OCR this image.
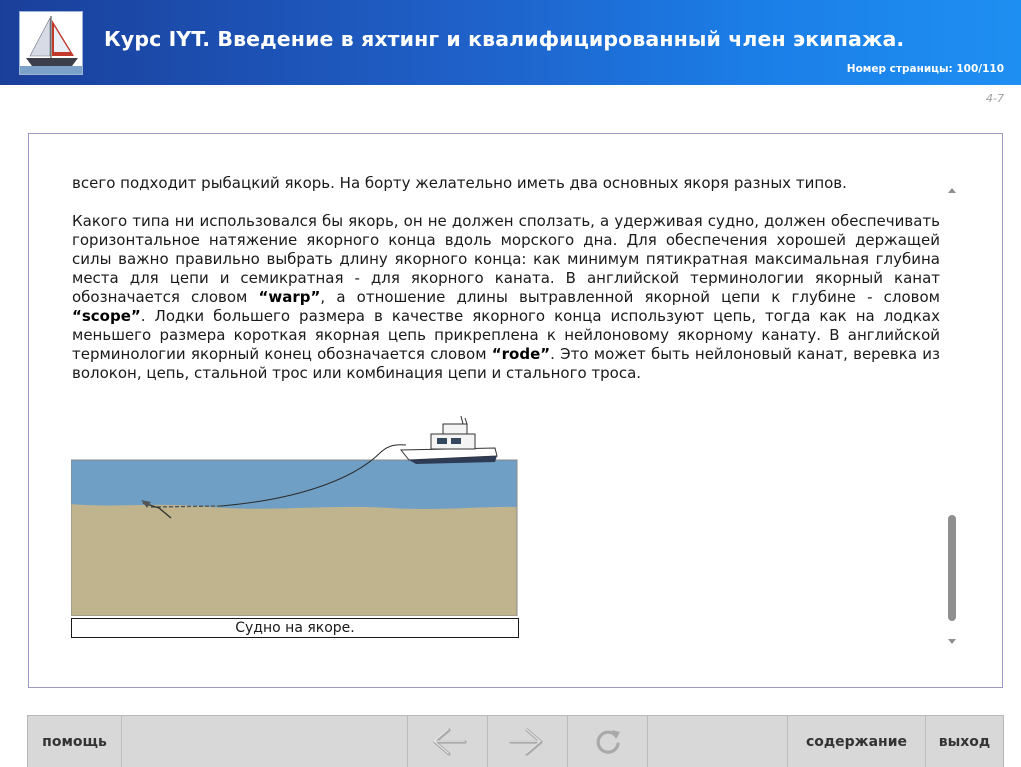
Курс IYT. Введение в яхтинг и квалифицированный член экипажа.
Номер страницы: 100/110
4-7

всего подходит рыбацкий якорь. На борту желательно иметь два основных якоря разных типов.

Какого типа ни использовался бы якорь, он не должен сползать, а удерживая судно, должен обеспечивать горизонтальное натяжение якорного конца вдоль морского дна. Для обеспечения хорошей держащей силы важно правильно выбрать длину якорного конца: как минимум пятикратная максимальная глубина места для цепи и семикратная - для якорного каната. В английской терминологии якорный канат обозначается словом “warp”, а отношение длины вытравленной якорной цепи к глубине - словом “scope”. Лодки большего размера в качестве якорного конца используют цепь, тогда как на лодках меньшего размера короткая якорная цепь прикреплена к нейлоновому якорному канату. В английской терминологии якорный конец обозначается словом “rode”. Это может быть нейлоновый канат, веревка из волокон, цепь, стальной трос или комбинация цепи и стального троса.

Судно на якоре.
помощь	содержание выход
